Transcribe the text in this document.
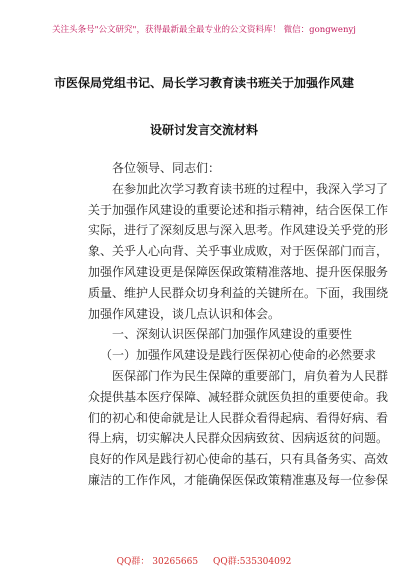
关注头条号"公文研究"，获得最新最全最专业的公文资料库！ 微信：gongwenyj
市医保局党组书记、局长学习教育读书班关于加强作风建
设研讨发言交流材料
各位领导、同志们：
在参加此次学习教育读书班的过程中，我深入学习了
关于加强作风建设的重要论述和指示精神，结合医保工作
实际，进行了深刻反思与深入思考。作风建设关乎党的形
象、关乎人心向背、关乎事业成败，对于医保部门而言，
加强作风建设更是保障医保政策精准落地、提升医保服务
质量、维护人民群众切身利益的关键所在。下面，我围绕
加强作风建设，谈几点认识和体会。
一、深刻认识医保部门加强作风建设的重要性
（一）加强作风建设是践行医保初心使命的必然要求
医保部门作为民生保障的重要部门，肩负着为人民群
众提供基本医疗保障、减轻群众就医负担的重要使命。我
们的初心和使命就是让人民群众看得起病、看得好病、看
得上病，切实解决人民群众因病致贫、因病返贫的问题。
良好的作风是践行初心使命的基石，只有具备务实、高效
廉洁的工作作风，才能确保医保政策精准惠及每一位参保
QQ群： 30265665 QQ群:535304092
